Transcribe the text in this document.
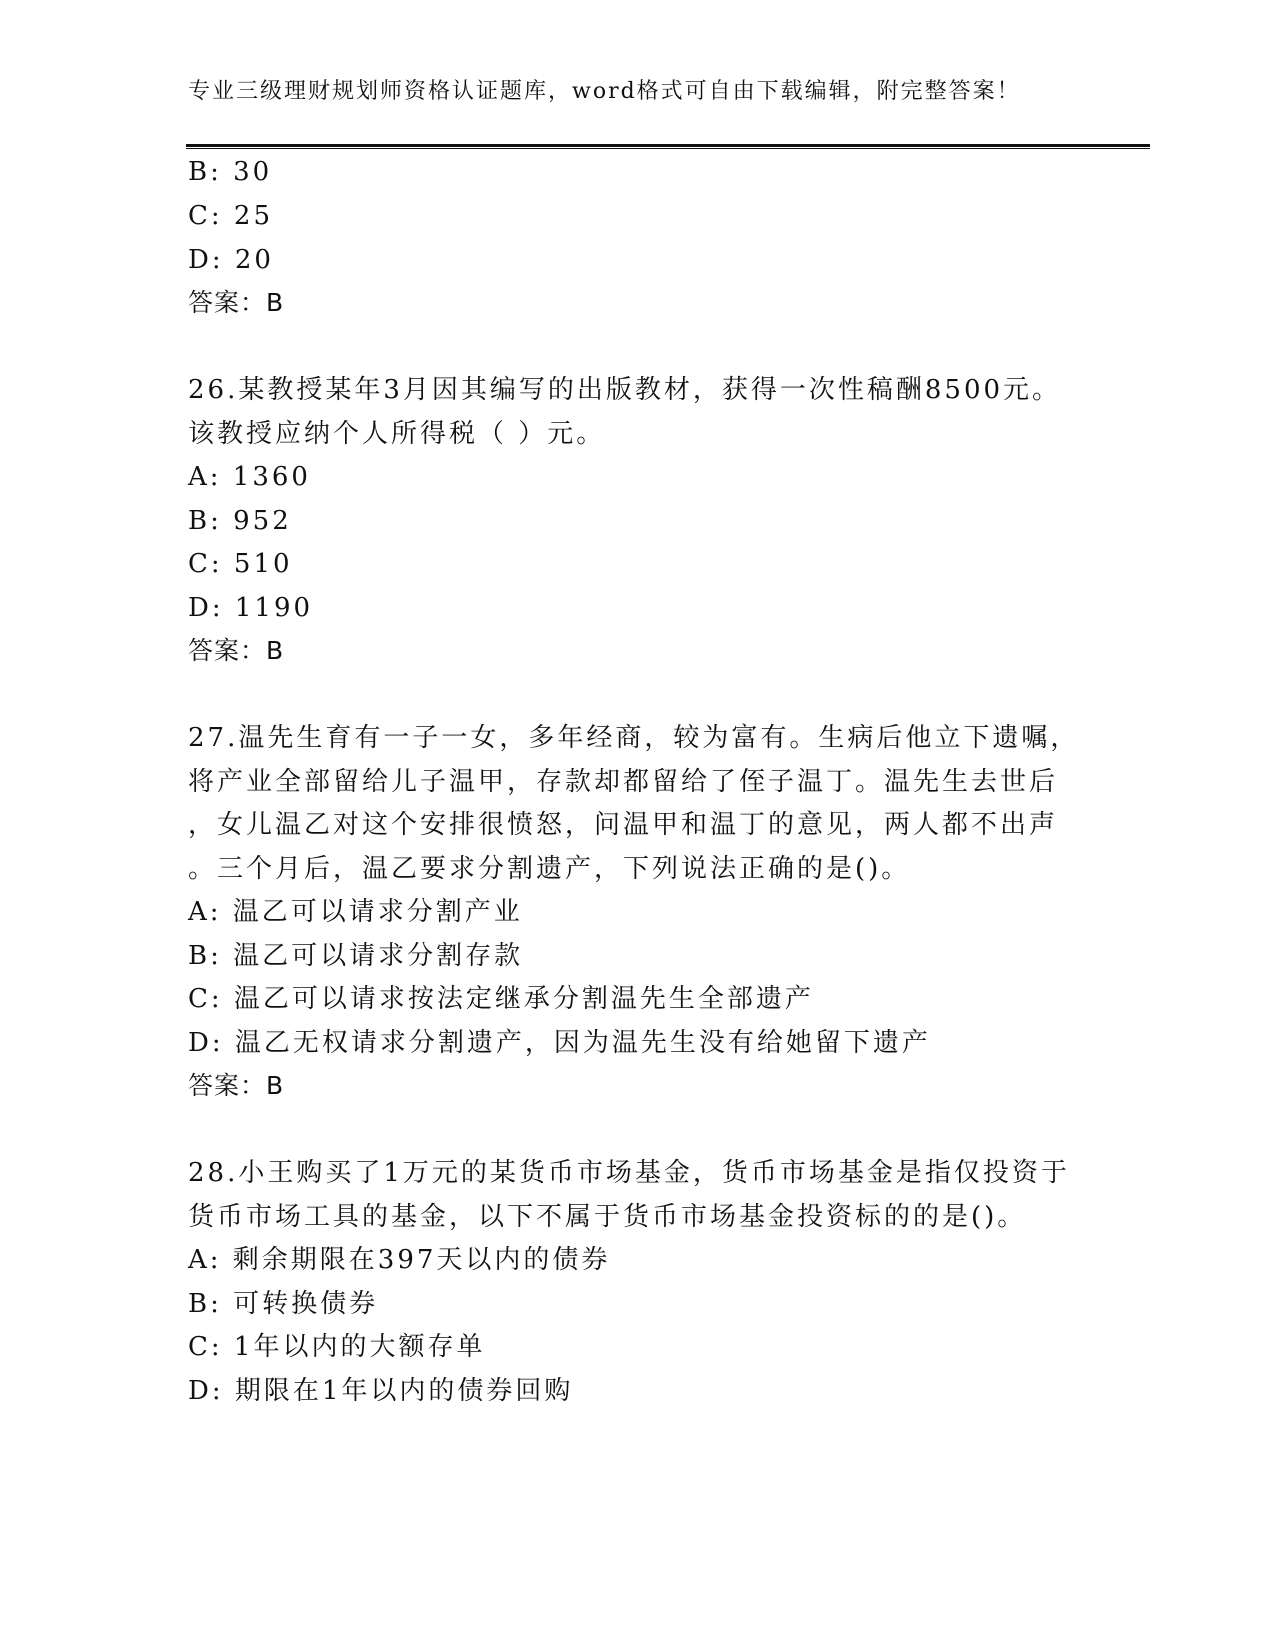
专业三级理财规划师资格认证题库，word格式可自由下载编辑，附完整答案！
B: 30
C: 25
D: 20
答案：B
26.某教授某年3月因其编写的出版教材，获得一次性稿酬8500元。
该教授应纳个人所得税（ ）元。
A: 1360
B: 952
C: 510
D: 1190
答案：B
27.温先生育有一子一女，多年经商，较为富有。生病后他立下遗嘱，
将产业全部留给儿子温甲，存款却都留给了侄子温丁。温先生去世后
，女儿温乙对这个安排很愤怒，问温甲和温丁的意见，两人都不出声
。三个月后，温乙要求分割遗产，下列说法正确的是()。
A: 温乙可以请求分割产业
B: 温乙可以请求分割存款
C: 温乙可以请求按法定继承分割温先生全部遗产
D: 温乙无权请求分割遗产，因为温先生没有给她留下遗产
答案：B
28.小王购买了1万元的某货币市场基金，货币市场基金是指仅投资于
货币市场工具的基金，以下不属于货币市场基金投资标的的是()。
A: 剩余期限在397天以内的债券
B: 可转换债券
C: 1年以内的大额存单
D: 期限在1年以内的债券回购
